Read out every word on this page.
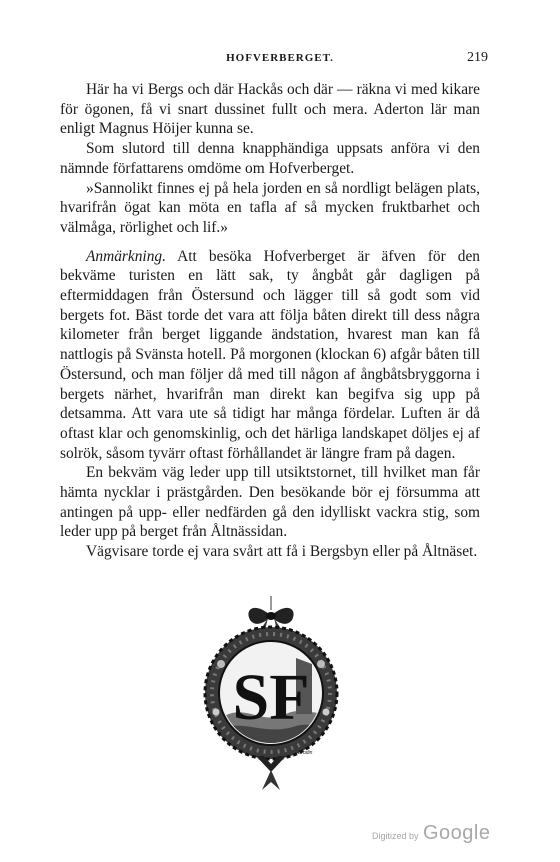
HOFVERBERGET.	219

Här ha vi Bergs och där Hackås och där — räkna vi med kikare för ögonen, få vi snart dussinet fullt och mera. Aderton lär man enligt Magnus Höijer kunna se.

Som slutord till denna knapphändiga uppsats anföra vi den nämnde författarens omdöme om Hofverberget.

»Sannolikt finnes ej på hela jorden en så nordligt belägen plats, hvarifrån ögat kan möta en tafla af så mycken fruktbarhet och välmåga, rörlighet och lif.»

Anmärkning. Att besöka Hofverberget är äfven för den bekväme turisten en lätt sak, ty ångbåt går dagligen på eftermiddagen från Östersund och lägger till så godt som vid bergets fot. Bäst torde det vara att följa båten direkt till dess några kilometer från berget liggande ändstation, hvarest man kan få nattlogis på Svänsta hotell. På morgonen (klockan 6) afgår båten till Östersund, och man följer då med till någon af ångbåtsbryggorna i bergets närhet, hvarifrån man direkt kan begifva sig upp på detsamma. Att vara ute så tidigt har många fördelar. Luften är då oftast klar och genomskinlig, och det härliga landskapet döljes ej af solrök, såsom tyvärr oftast förhållandet är längre fram på dagen.

En bekväm väg leder upp till utsiktstornet, till hvilket man får hämta nycklar i prästgården. Den besökande bör ej försumma att antingen på upp- eller nedfärden gå den idylliskt vackra stig, som leder upp på berget från Åltnässidan.

Vägvisare torde ej vara svårt att få i Bergsbyn eller på Åltnäset.

SF
Brodin
Digitized by Google
